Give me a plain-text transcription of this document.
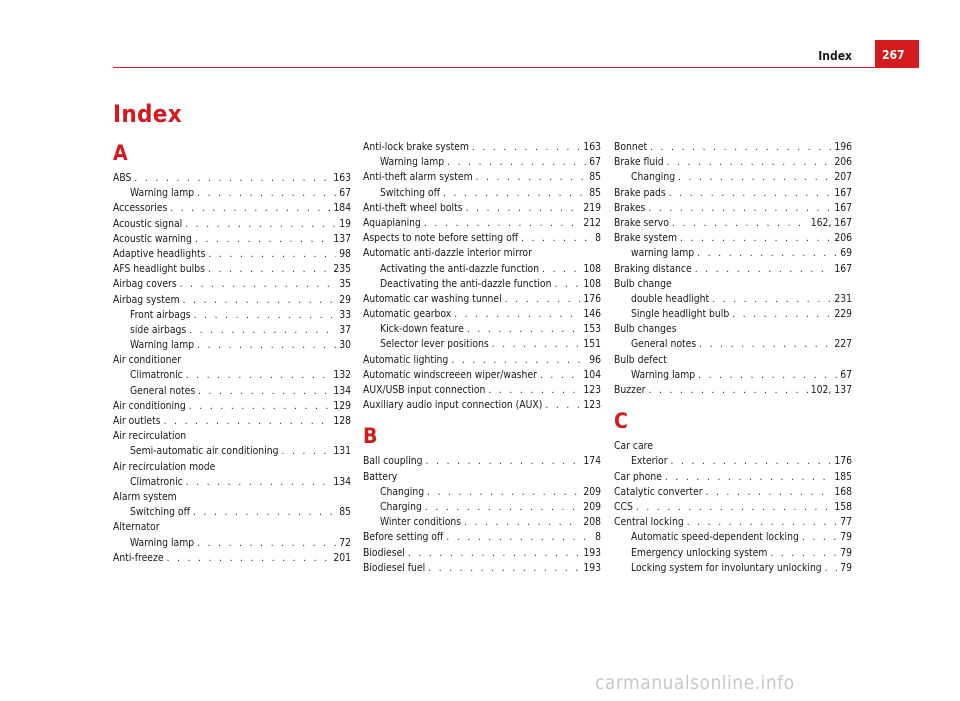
Index	267
Index
A
ABS . . .	163
Warning lamp . . .	67
Accessories . . .	184
Acoustic signal . . .	19
Acoustic warning . . .	137
Adaptive headlights . . .	98
AFS headlight bulbs . . .	235
Airbag covers . . .	35
Airbag system . . .	29
Front airbags . . .	33
side airbags . . .	37
Warning lamp . . .	30
Air conditioner
Climatronic . . .	132
General notes . . .	134
Air conditioning . . .	129
Air outlets . . .	128
Air recirculation
Semi-automatic air conditioning . . .	131
Air recirculation mode
Climatronic . . .	134
Alarm system
Switching off . . .	85
Alternator
Warning lamp . . .	72
Anti-freeze . . .	201
Anti-lock brake system . . .	163
Warning lamp . . .	67
Anti-theft alarm system . . .	85
Switching off . . .	85
Anti-theft wheel bolts . . .	219
Aquaplaning . . .	212
Aspects to note before setting off . . .	8
Automatic anti-dazzle interior mirror
Activating the anti-dazzle function . . .	108
Deactivating the anti-dazzle function . . .	108
Automatic car washing tunnel . . .	176
Automatic gearbox . . .	146
Kick-down feature . . .	153
Selector lever positions . . .	151
Automatic lighting . . .	96
Automatic windscreeen wiper/washer . . .	104
AUX/USB input connection . . .	123
Auxiliary audio input connection (AUX) . . .	123
B
Ball coupling . . .	174
Battery
Changing . . .	209
Charging . . .	209
Winter conditions . . .	208
Before setting off . . .	8
Biodiesel . . .	193
Biodiesel fuel . . .	193
Bonnet . . .	196
Brake fluid . . .	206
Changing . . .	207
Brake pads . . .	167
Brakes . . .	167
Brake servo . . .	162, 167
Brake system . . .	206
warning lamp . . .	69
Braking distance . . .	167
Bulb change
double headlight . . .	231
Single headlight bulb . . .	229
Bulb changes
General notes . . .	227
Bulb defect
Warning lamp . . .	67
Buzzer . . .	102, 137
C
Car care
Exterior . . .	176
Car phone . . .	185
Catalytic converter . . .	168
CCS . . .	158
Central locking . . .	77
Automatic speed-dependent locking . . .	79
Emergency unlocking system . . .	79
Locking system for involuntary unlocking . . . 79
carmanualsonline.info
